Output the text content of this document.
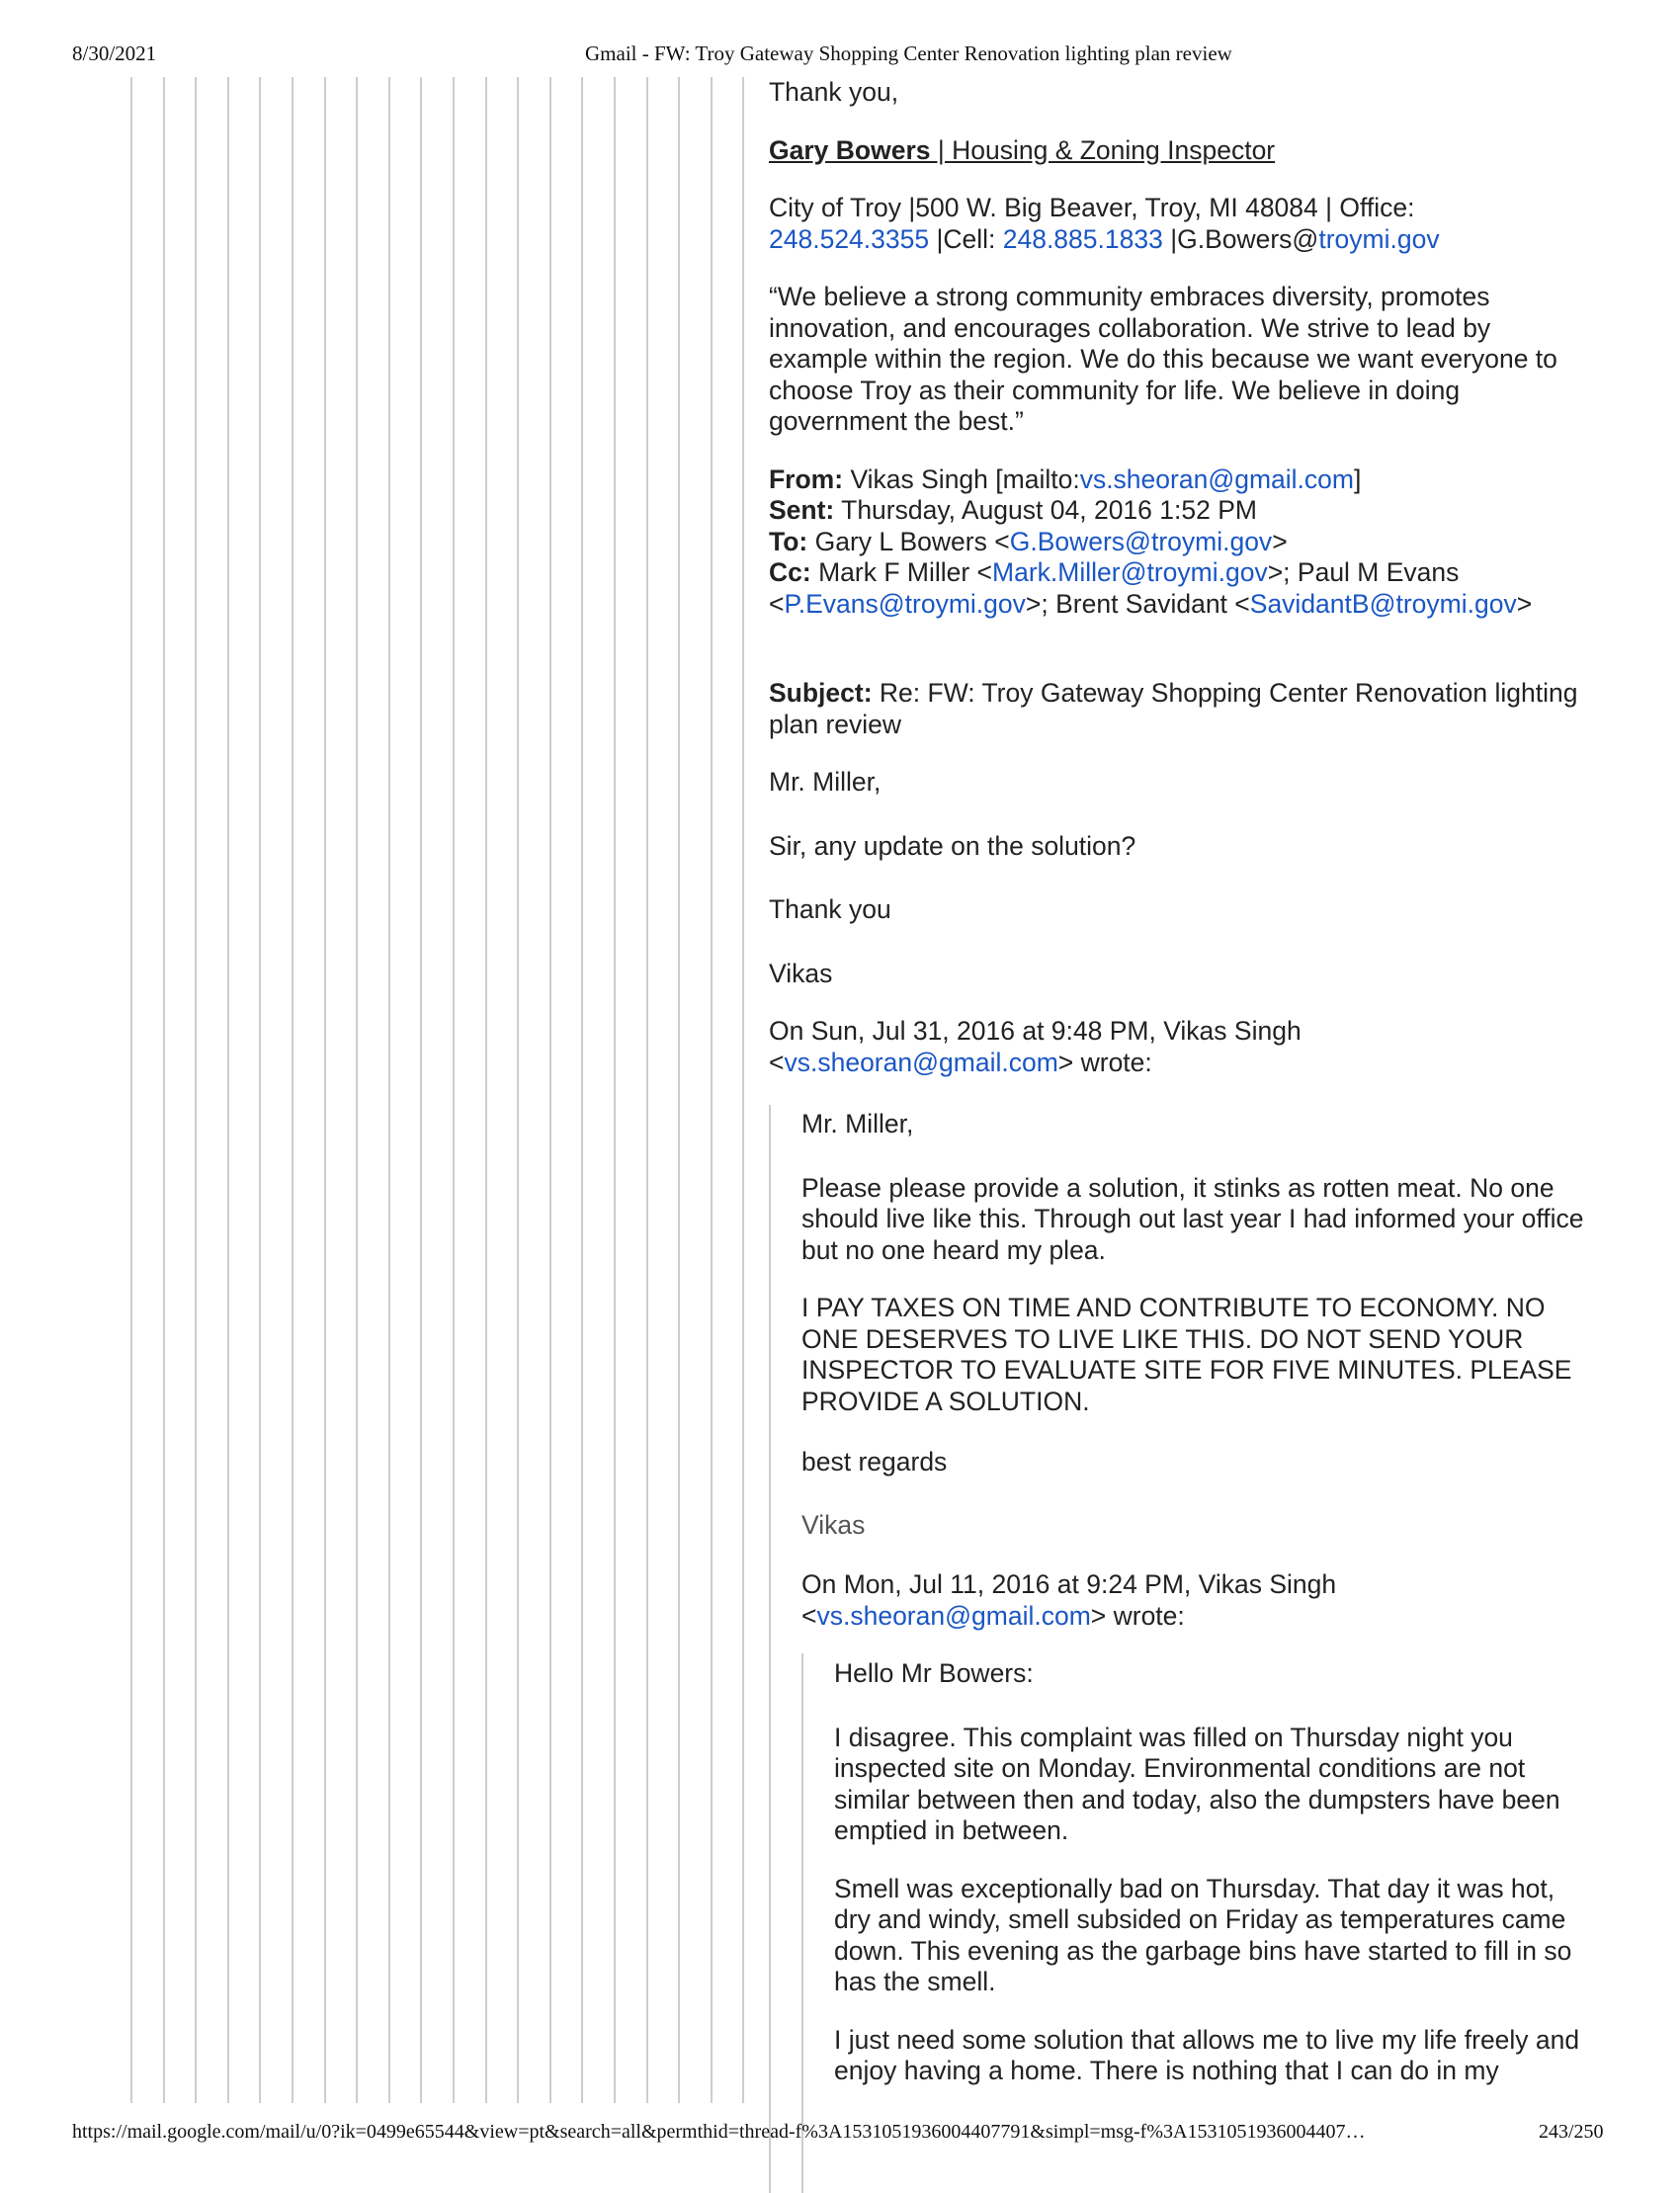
8/30/2021	Gmail - FW: Troy Gateway Shopping Center Renovation lighting plan review

Thank you,

Gary Bowers | Housing & Zoning Inspector

City of Troy |500 W. Big Beaver, Troy, MI 48084 | Office:
248.524.3355 |Cell: 248.885.1833 |G.Bowers@troymi.gov

“We believe a strong community embraces diversity, promotes innovation, and encourages collaboration. We strive to lead by example within the region. We do this because we want everyone to choose Troy as their community for life. We believe in doing government the best.”

From: Vikas Singh [mailto:vs.sheoran@gmail.com]
Sent: Thursday, August 04, 2016 1:52 PM
To: Gary L Bowers <G.Bowers@troymi.gov>
Cc: Mark F Miller <Mark.Miller@troymi.gov>; Paul M Evans <P.Evans@troymi.gov>; Brent Savidant <SavidantB@troymi.gov>

Subject: Re: FW: Troy Gateway Shopping Center Renovation lighting plan review

Mr. Miller,

Sir, any update on the solution?

Thank you

Vikas

On Sun, Jul 31, 2016 at 9:48 PM, Vikas Singh <vs.sheoran@gmail.com> wrote:

Mr. Miller,

Please please provide a solution, it stinks as rotten meat. No one should live like this. Through out last year I had informed your office but no one heard my plea.

I PAY TAXES ON TIME AND CONTRIBUTE TO ECONOMY. NO ONE DESERVES TO LIVE LIKE THIS. DO NOT SEND YOUR INSPECTOR TO EVALUATE SITE FOR FIVE MINUTES. PLEASE PROVIDE A SOLUTION.

best regards

Vikas

On Mon, Jul 11, 2016 at 9:24 PM, Vikas Singh <vs.sheoran@gmail.com> wrote:

Hello Mr Bowers:

I disagree. This complaint was filled on Thursday night you inspected site on Monday. Environmental conditions are not similar between then and today, also the dumpsters have been emptied in between.

Smell was exceptionally bad on Thursday. That day it was hot, dry and windy, smell subsided on Friday as temperatures came down. This evening as the garbage bins have started to fill in so has the smell.

I just need some solution that allows me to live my life freely and enjoy having a home. There is nothing that I can do in my

https://mail.google.com/mail/u/0?ik=0499e65544&view=pt&search=all&permthid=thread-f%3A1531051936004407791&simpl=msg-f%3A1531051936004407…	243/250
